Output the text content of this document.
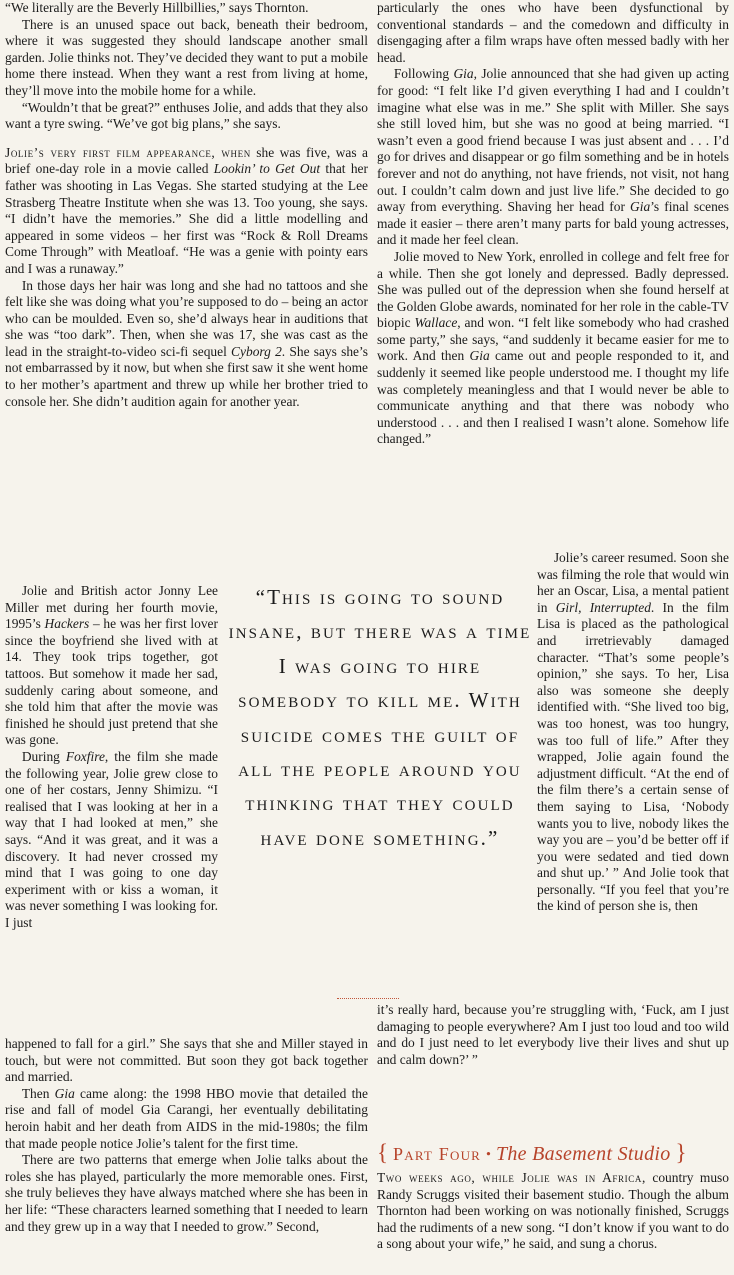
“We literally are the Beverly Hillbillies,” says Thornton.

There is an unused space out back, beneath their bedroom, where it was suggested they should landscape another small garden. Jolie thinks not. They’ve decided they want to put a mobile home there instead. When they want a rest from living at home, they’ll move into the mobile home for a while.

“Wouldn’t that be great?” enthuses Jolie, and adds that they also want a tyre swing. “We’ve got big plans,” she says.

Jolie’s very first film appearance, when she was five, was a brief one-day role in a movie called Lookin’ to Get Out that her father was shooting in Las Vegas. She started studying at the Lee Strasberg Theatre Institute when she was 13. Too young, she says. “I didn’t have the memories.” She did a little modelling and appeared in some videos – her first was “Rock & Roll Dreams Come Through” with Meatloaf. “He was a genie with pointy ears and I was a runaway.”

In those days her hair was long and she had no tattoos and she felt like she was doing what you’re supposed to do – being an actor who can be moulded. Even so, she’d always hear in auditions that she was “too dark”. Then, when she was 17, she was cast as the lead in the straight-to-video sci-fi sequel Cyborg 2. She says she’s not embarrassed by it now, but when she first saw it she went home to her mother’s apartment and threw up while her brother tried to console her. She didn’t audition again for another year.

Jolie and British actor Jonny Lee Miller met during her fourth movie, 1995’s Hackers – he was her first lover since the boyfriend she lived with at 14. They took trips together, got tattoos. But somehow it made her sad, suddenly caring about someone, and she told him that after the movie was finished he should just pretend that she was gone.

During Foxfire, the film she made the following year, Jolie grew close to one of her costars, Jenny Shimizu. “I realised that I was looking at her in a way that I had looked at men,” she says. “And it was great, and it was a discovery. It had never crossed my mind that I was going to one day experiment with or kiss a woman, it was never something I was looking for. I just

happened to fall for a girl.” She says that she and Miller stayed in touch, but were not committed. But soon they got back together and married.

Then Gia came along: the 1998 HBO movie that detailed the rise and fall of model Gia Carangi, her eventually debilitating heroin habit and her death from AIDS in the mid-1980s; the film that made people notice Jolie’s talent for the first time.

There are two patterns that emerge when Jolie talks about the roles she has played, particularly the more memorable ones. First, she truly believes they have always matched where she has been in her life: “These characters learned something that I needed to learn and they grew up in a way that I needed to grow.” Second,

particularly the ones who have been dysfunctional by conventional standards – and the comedown and difficulty in disengaging after a film wraps have often messed badly with her head.

Following Gia, Jolie announced that she had given up acting for good: “I felt like I’d given everything I had and I couldn’t imagine what else was in me.” She split with Miller. She says she still loved him, but she was no good at being married. “I wasn’t even a good friend because I was just absent and . . . I’d go for drives and disappear or go film something and be in hotels forever and not do anything, not have friends, not visit, not hang out. I couldn’t calm down and just live life.” She decided to go away from everything. Shaving her head for Gia’s final scenes made it easier – there aren’t many parts for bald young actresses, and it made her feel clean.

Jolie moved to New York, enrolled in college and felt free for a while. Then she got lonely and depressed. Badly depressed. She was pulled out of the depression when she found herself at the Golden Globe awards, nominated for her role in the cable-TV biopic Wallace, and won. “I felt like somebody who had crashed some party,” she says, “and suddenly it became easier for me to work. And then Gia came out and people responded to it, and suddenly it seemed like people understood me. I thought my life was completely meaningless and that I would never be able to communicate anything and that there was nobody who understood . . . and then I realised I wasn’t alone. Somehow life changed.”

Jolie’s career resumed. Soon she was filming the role that would win her an Oscar, Lisa, a mental patient in Girl, Interrupted. In the film Lisa is placed as the pathological and irretrievably damaged character. “That’s some people’s opinion,” she says. To her, Lisa also was someone she deeply identified with. “She lived too big, was too honest, was too hungry, was too full of life.” After they wrapped, Jolie again found the adjustment difficult. “At the end of the film there’s a certain sense of them saying to Lisa, ‘Nobody wants you to live, nobody likes the way you are – you’d be better off if you were sedated and tied down and shut up.’ ” And Jolie took that personally. “If you feel that you’re the kind of person she is, then

it’s really hard, because you’re struggling with, ‘Fuck, am I just damaging to people everywhere? Am I just too loud and too wild and do I just need to let everybody live their lives and shut up and calm down?’ ”

“This is going to sound insane, but there was a time I was going to hire somebody to kill me. With suicide comes the guilt of all the people around you thinking that they could have done something.”
{ Part Four • The Basement Studio }

Two weeks ago, while Jolie was in Africa, country muso Randy Scruggs visited their basement studio. Though the album Thornton had been working on was notionally finished, Scruggs had the rudiments of a new song. “I don’t know if you want to do a song about your wife,” he said, and sung a chorus.
